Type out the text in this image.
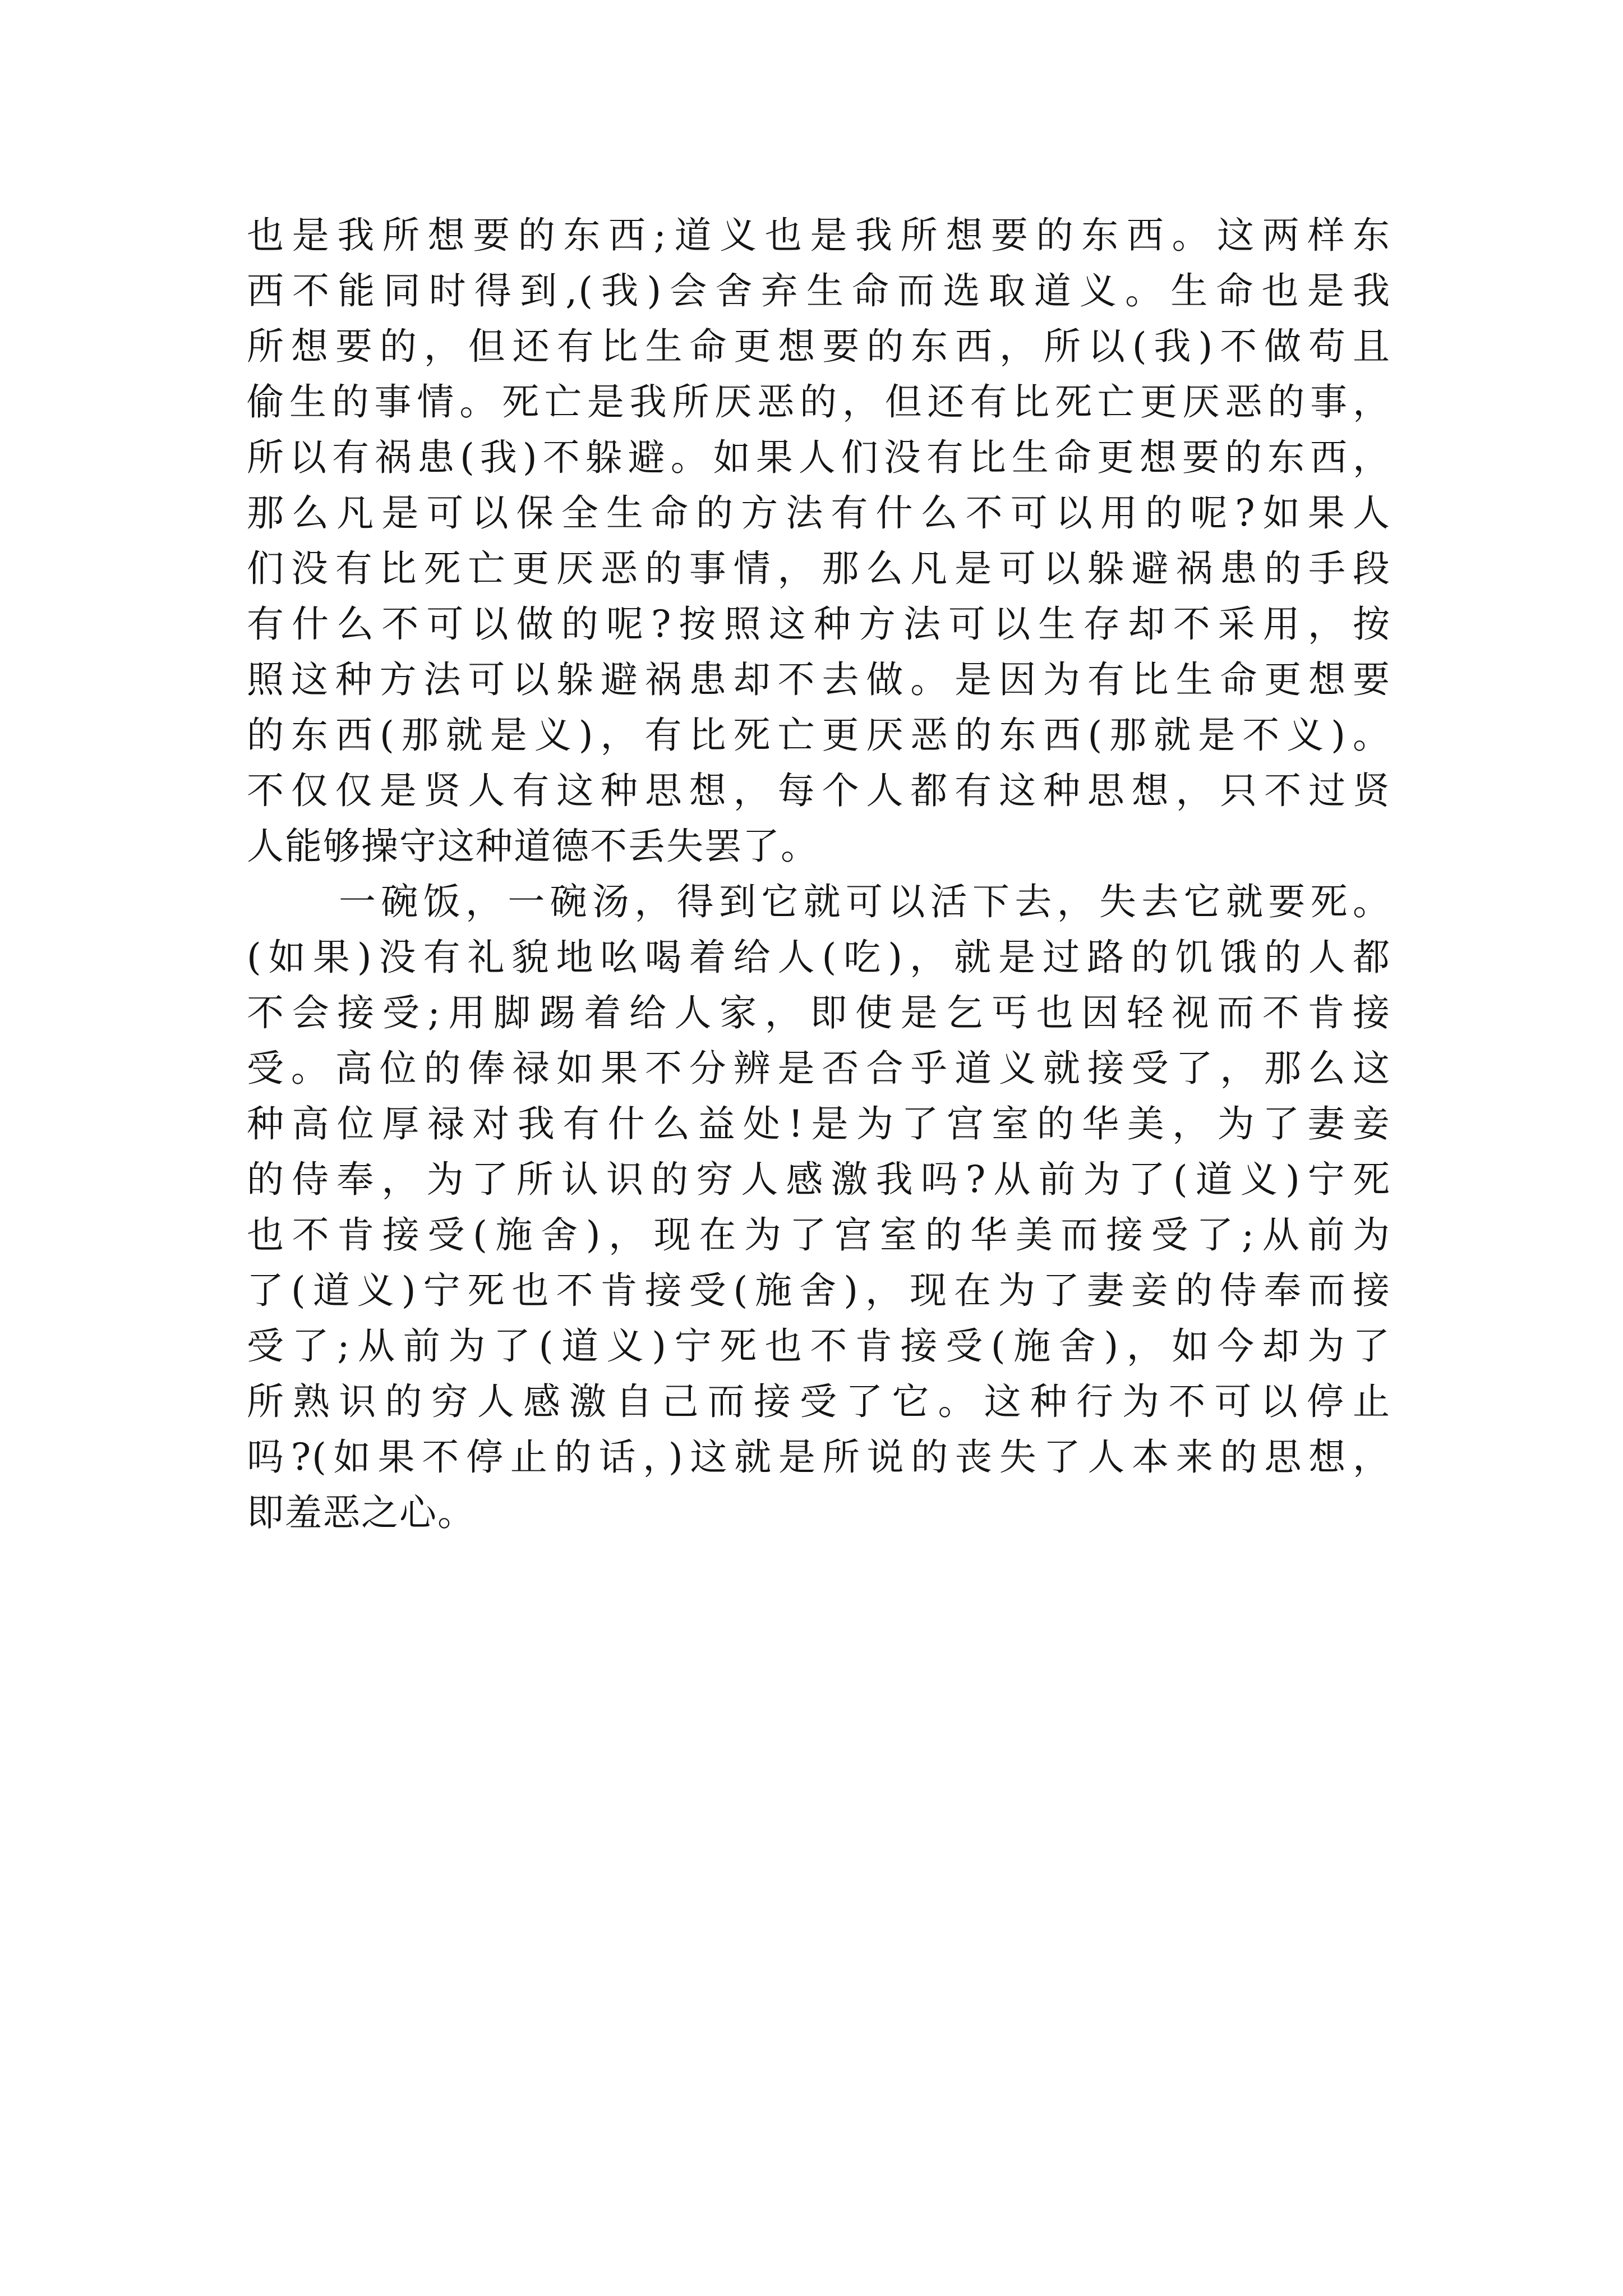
也是我所想要的东西;道义也是我所想要的东西。这两样东
西不能同时得到,(我)会舍弃生命而选取道义。生命也是我
所想要的，但还有比生命更想要的东西，所以(我)不做苟且
偷生的事情。死亡是我所厌恶的，但还有比死亡更厌恶的事，
所以有祸患(我)不躲避。如果人们没有比生命更想要的东西，
那么凡是可以保全生命的方法有什么不可以用的呢?如果人
们没有比死亡更厌恶的事情，那么凡是可以躲避祸患的手段
有什么不可以做的呢?按照这种方法可以生存却不采用，按
照这种方法可以躲避祸患却不去做。是因为有比生命更想要
的东西(那就是义)，有比死亡更厌恶的东西(那就是不义)。
不仅仅是贤人有这种思想，每个人都有这种思想，只不过贤
人能够操守这种道德不丢失罢了。
一碗饭，一碗汤，得到它就可以活下去，失去它就要死。
(如果)没有礼貌地吆喝着给人(吃)，就是过路的饥饿的人都
不会接受;用脚踢着给人家，即使是乞丐也因轻视而不肯接
受。高位的俸禄如果不分辨是否合乎道义就接受了，那么这
种高位厚禄对我有什么益处!是为了宫室的华美，为了妻妾
的侍奉，为了所认识的穷人感激我吗?从前为了(道义)宁死
也不肯接受(施舍)，现在为了宫室的华美而接受了;从前为
了(道义)宁死也不肯接受(施舍)，现在为了妻妾的侍奉而接
受了;从前为了(道义)宁死也不肯接受(施舍)，如今却为了
所熟识的穷人感激自己而接受了它。这种行为不可以停止
吗?(如果不停止的话，)这就是所说的丧失了人本来的思想，
即羞恶之心。
